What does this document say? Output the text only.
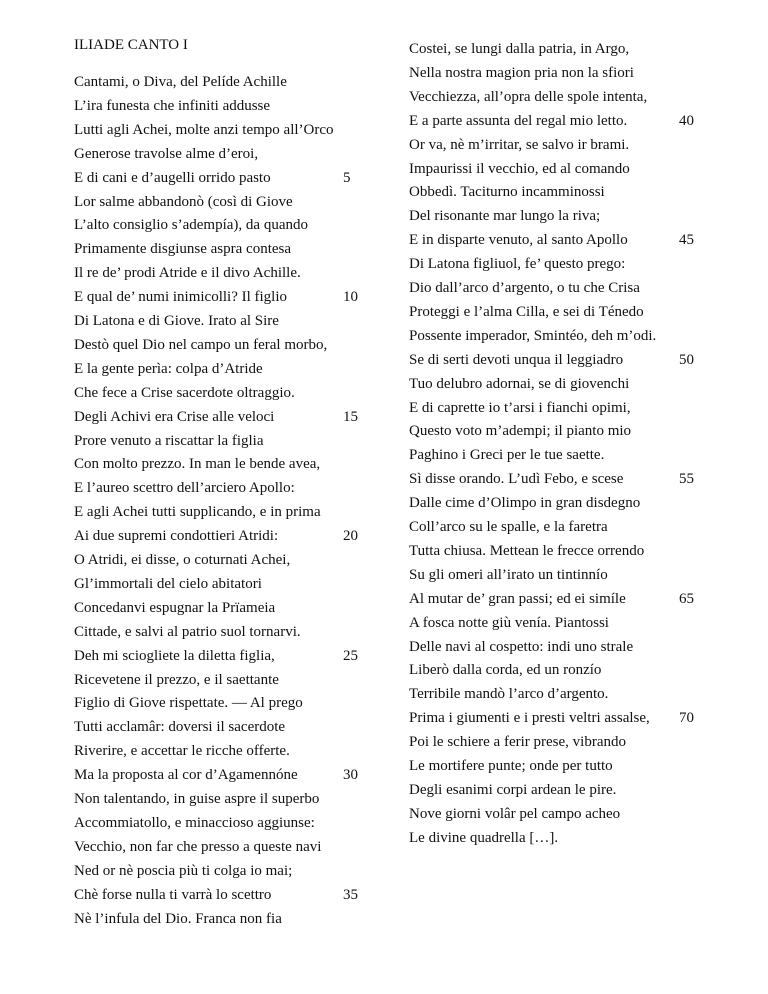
ILIADE CANTO I
Cantami, o Diva, del Pelíde Achille
L’ira funesta che infiniti addusse
Lutti agli Achei, molte anzi tempo all’Orco
Generose travolse alme d’eroi,
E di cani e d’augelli orrido pasto	5
Lor salme abbandonò (così di Giove
L’alto consiglio s’adempía), da quando
Primamente disgiunse aspra contesa
Il re de’ prodi Atride e il divo Achille.
E qual de’ numi inimicolli? Il figlio	10
Di Latona e di Giove. Irato al Sire
Destò quel Dio nel campo un feral morbo,
E la gente perìa: colpa d’Atride
Che fece a Crise sacerdote oltraggio.
Degli Achivi era Crise alle veloci	15
Prore venuto a riscattar la figlia
Con molto prezzo. In man le bende avea,
E l’aureo scettro dell’arciero Apollo:
E agli Achei tutti supplicando, e in prima
Ai due supremi condottieri Atridi:	20
O Atridi, ei disse, o coturnati Achei,
Gl’immortali del cielo abitatori
Concedanvi espugnar la Prïameia
Cittade, e salvi al patrio suol tornarvi.
Deh mi sciogliete la diletta figlia,	25
Ricevetene il prezzo, e il saettante
Figlio di Giove rispettate. — Al prego
Tutti acclamâr: doversi il sacerdote
Riverire, e accettar le ricche offerte.
Ma la proposta al cor d’Agamennóne	30
Non talentando, in guise aspre il superbo
Accommiatollo, e minaccioso aggiunse:
Vecchio, non far che presso a queste navi
Ned or nè poscia più ti colga io mai;
Chè forse nulla ti varrà lo scettro	35
Nè l’infula del Dio. Franca non fia
Costei, se lungi dalla patria, in Argo,
Nella nostra magion pria non la sfiori
Vecchiezza, all’opra delle spole intenta,
E a parte assunta del regal mio letto.	40
Or va, nè m’irritar, se salvo ir brami.
Impaurissi il vecchio, ed al comando
Obbedì. Taciturno incamminossi
Del risonante mar lungo la riva;
E in disparte venuto, al santo Apollo	45
Di Latona figliuol, fe’ questo prego:
Dio dall’arco d’argento, o tu che Crisa
Proteggi e l’alma Cilla, e sei di Ténedo
Possente imperador, Smintéo, deh m’odi.
Se di serti devoti unqua il leggiadro	50
Tuo delubro adornai, se di giovenchi
E di caprette io t’arsi i fianchi opimi,
Questo voto m’adempi; il pianto mio
Paghino i Greci per le tue saette.
Sì disse orando. L’udì Febo, e scese	55
Dalle cime d’Olimpo in gran disdegno
Coll’arco su le spalle, e la faretra
Tutta chiusa. Mettean le frecce orrendo
Su gli omeri all’irato un tintinnío
Al mutar de’ gran passi; ed ei simíle	65
A fosca notte giù venía. Piantossi
Delle navi al cospetto: indi uno strale
Liberò dalla corda, ed un ronzío
Terribile mandò l’arco d’argento.
Prima i giumenti e i presti veltri assalse, 70
Poi le schiere a ferir prese, vibrando
Le mortifere punte; onde per tutto
Degli esanimi corpi ardean le pire.
Nove giorni volâr pel campo acheo
Le divine quadrella […].
